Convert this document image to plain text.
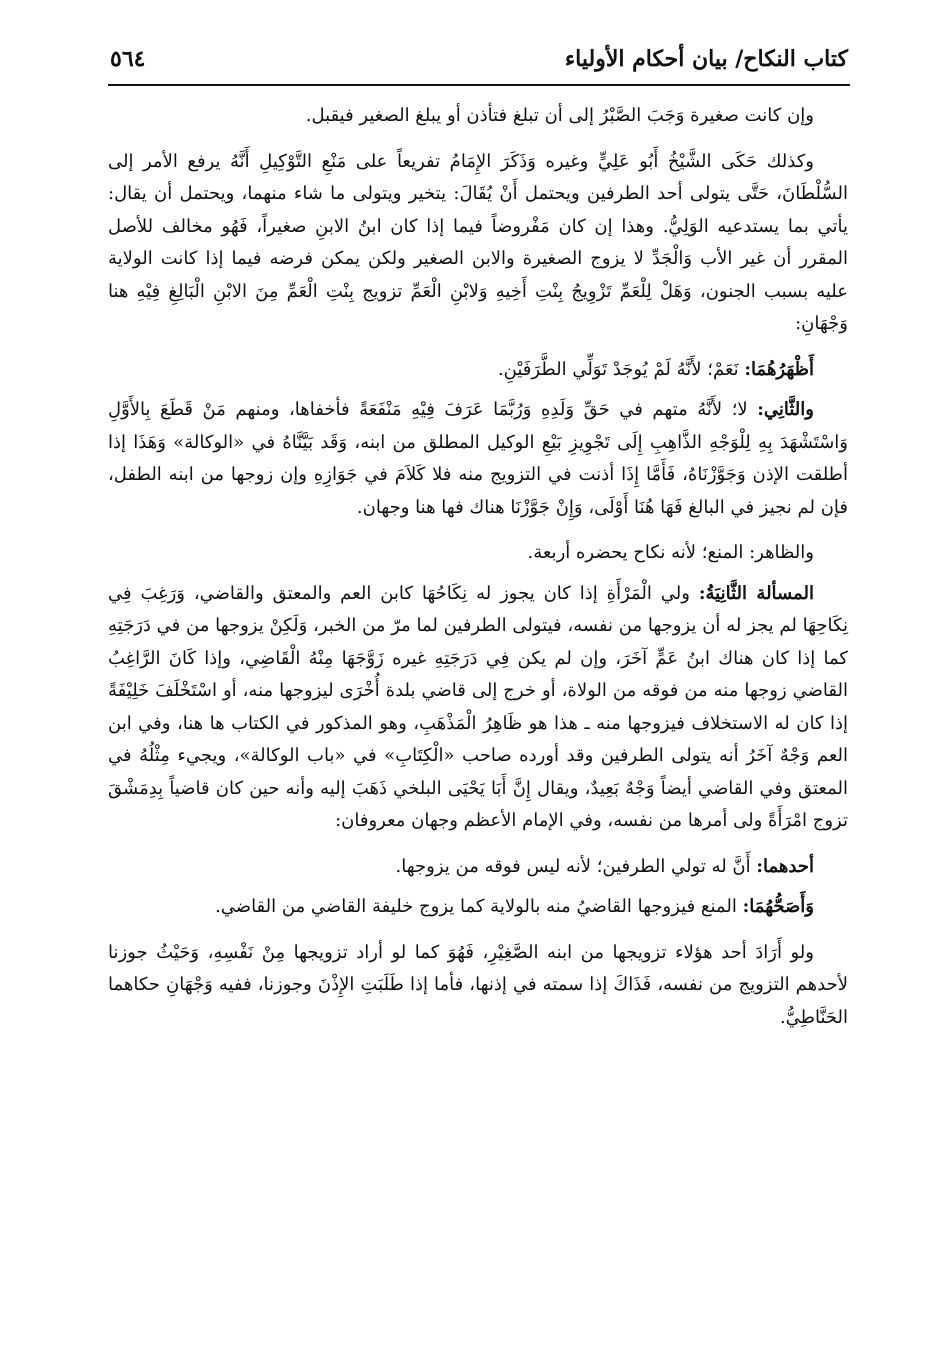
كتاب النكاح/ بيان أحكام الأولياء
٥٦٤

وإن كانت صغيرة وَجَبَ الصَّبْرُ إلى أن تبلغ فتأذن أو يبلغ الصغير فيقبل.

وكذلك حَكَى الشَّيْخُ أَبُو عَلِيٍّ وغيره وَذَكَرَ الإِمَامُ تفريعاً على مَنْعِ التَّوْكِيلِ أَنَّهُ يرفع الأمر إلى السُّلْطَانَ، حَتَّى يتولى أحد الطرفين ويحتمل أَنْ يُقَالَ: يتخير ويتولى ما شاء منهما، ويحتمل أن يقال: يأتي بما يستدعيه الوَلِيُّ. وهذا إن كان مَفْروضاً فيما إذا كان ابنُ الابنِ صغيراً، فَهُو مخالف للأصل المقرر أن غير الأب وَالْجَدِّ لا يزوج الصغيرة والابن الصغير ولكن يمكن فرضه فيما إذا كانت الولاية عليه بسبب الجنون، وَهَلْ لِلْعَمِّ تَزْوِيجُ بِنْتِ أَخِيهِ وَلابْنِ الْعَمِّ تزويج بِنْتِ الْعَمِّ مِنَ الابْنِ الْبَالِغِ فِيْهِ هنا وَجْهَانِ:

أَظْهَرُهُمَا: نَعَمْ؛ لأَنَّهُ لَمْ يُوجَدْ تَوَلِّي الطَّرَفَيْنِ.

والثَّانِي: لا؛ لأَنَّهُ متهم في حَقِّ وَلَدِهِ وَرُبَّمَا عَرَفَ فِيْهِ مَنْفَعَةً فأخفاها، ومنهم مَنْ قَطَعَ بِالأَوَّلِ وَاسْتَشْهَدَ بِهِ لِلْوَجْهِ الذَّاهِبِ إِلَى تَجْوِيزِ بَيْعِ الوكيل المطلق من ابنه، وَقَد بَيَّنَّاهُ في «الوكالة» وَهَذَا إذا أطلقت الإذن وَجَوَّزْنَاهُ، فَأَمَّا إِذَا أذنت في التزويج منه فلا كَلاَمَ في جَوَازِهِ وإن زوجها من ابنه الطفل، فإن لم نجيز في البالغ فَهَا هُنَا أَوْلَى، وَإِنْ جَوَّزْنَا هناك فها هنا وجهان.

والظاهر: المنع؛ لأنه نكاح يحضره أربعة.

المسألة الثَّانِيَةُ: ولي الْمَرْأَةِ إذا كان يجوز له نِكَاحُهَا كابن العم والمعتق والقاضي، وَرَغِبَ فِي نِكَاحِهَا لم يجز له أن يزوجها من نفسه، فيتولى الطرفين لما مرّ من الخبر، وَلَكِنْ يزوجها من في دَرَجَتِهِ كما إذا كان هناك ابنُ عَمٍّ آخَرَ، وإن لم يكن فِي دَرَجَتِهِ غيره زَوَّجَهَا مِنْهُ الْقَاضِي، وإذا كَانَ الرَّاغِبُ القاضي زوجها منه من فوقه من الولاة، أو خرج إلى قاضي بلدة أُخْرَى ليزوجها منه، أو اسْتَخْلَفَ خَلِيْفَةً إذا كان له الاستخلاف فيزوجها منه ـ هذا هو ظَاهِرُ الْمَذْهَبِ، وهو المذكور في الكتاب ها هنا، وفي ابن العم وَجْهٌ آخَرُ أنه يتولى الطرفين وقد أورده صاحب «الْكِتَابِ» في «باب الوكالة»، ويجيء مِثْلُهُ في المعتق وفي القاضي أيضاً وَجْهٌ بَعِيدٌ، ويقال إِنَّ أَبَا يَحْيَى البلخي ذَهَبَ إليه وأنه حين كان قاضياً بِدِمَشْقَ تزوج امْرَأَةً ولى أمرها من نفسه، وفي الإمام الأعظم وجهان معروفان:

أحدهما: أَنَّ له تولي الطرفين؛ لأنه ليس فوقه من يزوجها.

وَأَصَحُّهُمَا: المنع فيزوجها القاضيُ منه بالولاية كما يزوج خليفة القاضي من القاضي.

ولو أَرَادَ أحد هؤلاء تزويجها من ابنه الصَّغِيْرِ، فَهُوَ كما لو أراد تزويجها مِنْ نَفْسِهِ، وَحَيْثُ جوزنا لأحدهم التزويج من نفسه، فَذَاكَ إذا سمته في إذنها، فأما إذا طَلَبَتِ الإِذْنَ وجوزنا، ففيه وَجْهَانِ حكاهما الحَنَّاطِيُّ.
